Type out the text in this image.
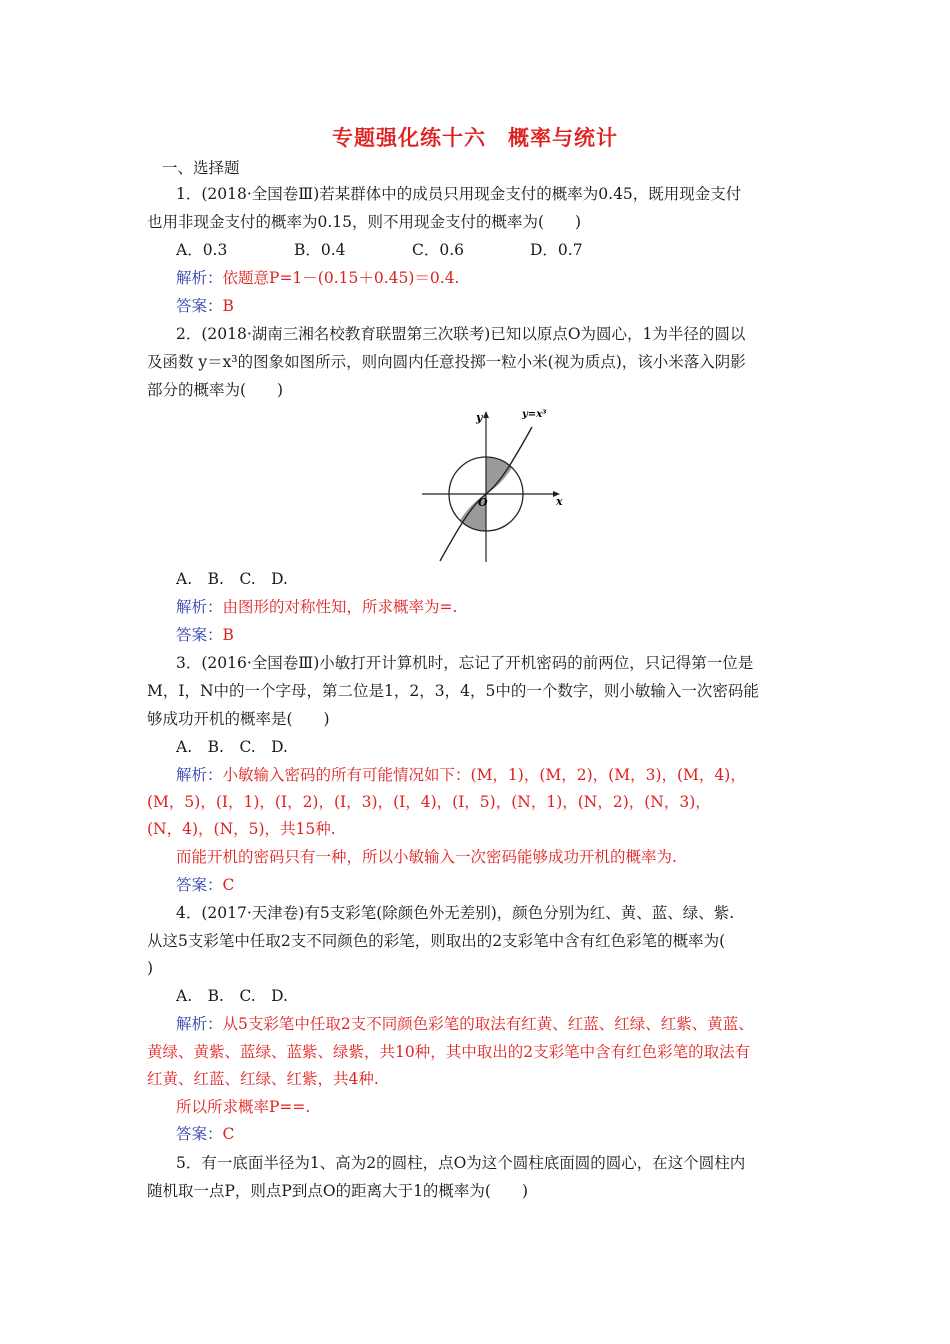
专题强化练十六　概率与统计
一、选择题
1．(2018·全国卷Ⅲ)若某群体中的成员只用现金支付的概率为0.45，既用现金支付
也用非现金支付的概率为0.15，则不用现金支付的概率为(　　)
A．0.3	B．0.4	C．0.6	D．0.7
解析：依题意P=1－(0.15＋0.45)＝0.4.
答案：B
2．(2018·湖南三湘名校教育联盟第三次联考)已知以原点O为圆心，1为半径的圆以
及函数 y＝x³的图象如图所示，则向圆内任意投掷一粒小米(视为质点)，该小米落入阴影
部分的概率为(　　)
y
x
O
y=x³
A.　B.　C.　D.
解析：由图形的对称性知，所求概率为=.
答案：B
3．(2016·全国卷Ⅲ)小敏打开计算机时，忘记了开机密码的前两位，只记得第一位是
M，I，N中的一个字母，第二位是1，2，3，4，5中的一个数字，则小敏输入一次密码能
够成功开机的概率是(　　)
A.　B.　C.　D.
解析：小敏输入密码的所有可能情况如下：(M，1)，(M，2)，(M，3)，(M，4)，
(M，5)，(I，1)，(I，2)，(I，3)，(I，4)，(I，5)，(N，1)，(N，2)，(N，3)，
(N，4)，(N，5)，共15种.
而能开机的密码只有一种，所以小敏输入一次密码能够成功开机的概率为.
答案：C
4．(2017·天津卷)有5支彩笔(除颜色外无差别)，颜色分别为红、黄、蓝、绿、紫.
从这5支彩笔中任取2支不同颜色的彩笔，则取出的2支彩笔中含有红色彩笔的概率为(
)
A.　B.　C.　D.
解析：从5支彩笔中任取2支不同颜色彩笔的取法有红黄、红蓝、红绿、红紫、黄蓝、
黄绿、黄紫、蓝绿、蓝紫、绿紫，共10种，其中取出的2支彩笔中含有红色彩笔的取法有
红黄、红蓝、红绿、红紫，共4种.
所以所求概率P==.
答案：C
5．有一底面半径为1、高为2的圆柱，点O为这个圆柱底面圆的圆心，在这个圆柱内
随机取一点P，则点P到点O的距离大于1的概率为(　　)
